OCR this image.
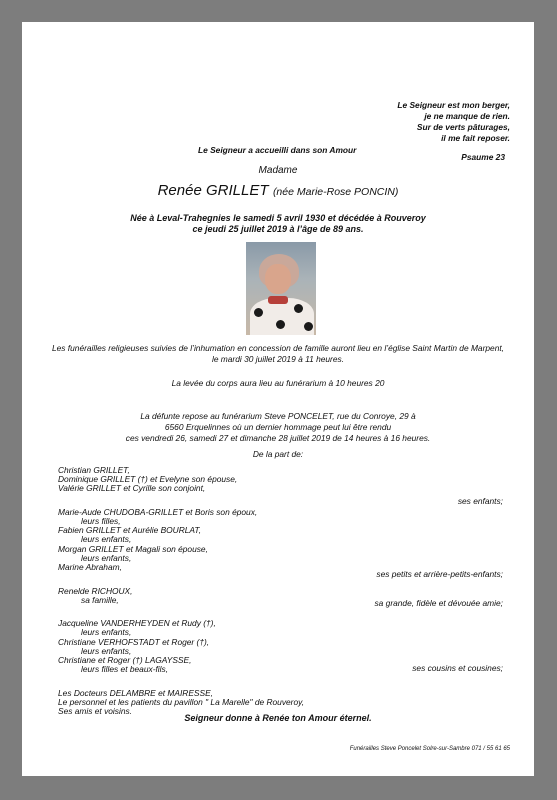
Le Seigneur est mon berger,
je ne manque de rien.
Sur de verts pâturages,
il me fait reposer.
Le Seigneur a accueilli dans son Amour
Psaume 23
Madame
Renée GRILLET (née Marie-Rose PONCIN)
Née à Leval-Trahegnies le samedi 5 avril 1930 et décédée à Rouveroy
ce jeudi 25 juillet 2019 à l’âge de 89 ans.
Les funérailles religieuses suivies de l’inhumation en concession de famille auront lieu en l’église Saint Martin de Marpent,
le mardi 30 juillet 2019 à 11 heures.
La levée du corps aura lieu au funérarium à 10 heures 20
La défunte repose au funérarium Steve PONCELET, rue du Conroye, 29 à
6560 Erquelinnes où un dernier hommage peut lui être rendu
ces vendredi 26, samedi 27 et dimanche 28 juillet 2019 de 14 heures à 16 heures.
De la part de:
Christian GRILLET,
Dominique GRILLET (†) et Evelyne son épouse,
Valérie GRILLET et Cyrille son conjoint,
ses enfants;
Marie-Aude CHUDOBA-GRILLET et Boris son époux,
leurs filles,
Fabien GRILLET et Aurélie BOURLAT,
leurs enfants,
Morgan GRILLET et Magali son épouse,
leurs enfants,
Marine Abraham,
ses petits et arrière-petits-enfants;
Renelde RICHOUX,
sa famille,	sa grande, fidèle et dévouée amie;
Jacqueline VANDERHEYDEN et Rudy (†),
leurs enfants,
Christiane VERHOFSTADT et Roger (†),
leurs enfants,
Christiane et Roger (†) LAGAYSSE,
leurs filles et beaux-fils,	ses cousins et cousines;
Les Docteurs DELAMBRE et MAIRESSE,
Le personnel et les patients du pavillon " La Marelle" de Rouveroy,
Ses amis et voisins.
Seigneur donne à Renée ton Amour éternel.
Funérailles Steve Poncelet Solre-sur-Sambre 071 / 55 61 65
